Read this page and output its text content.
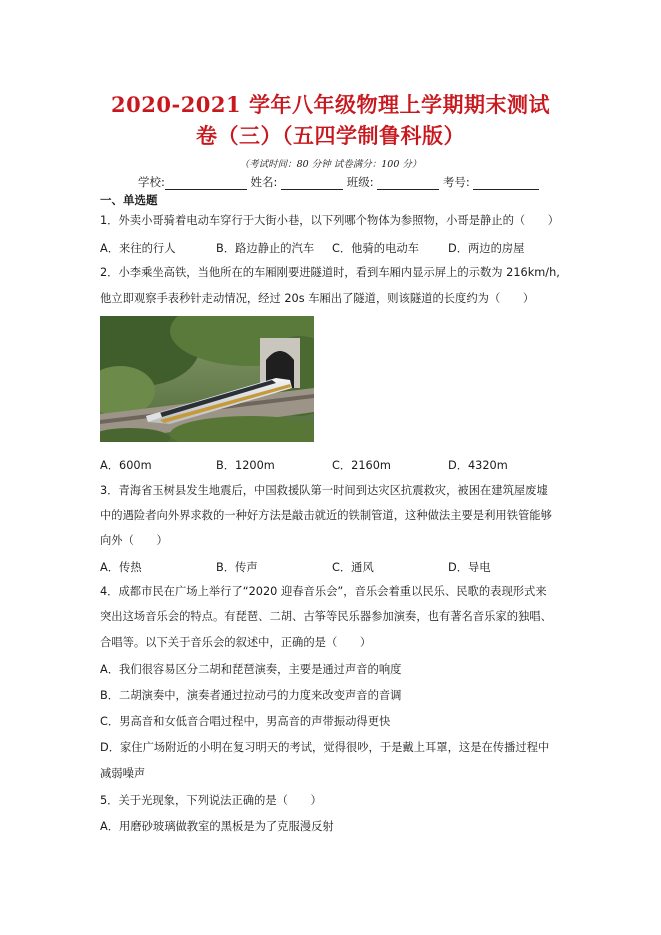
2020-2021 学年八年级物理上学期期末测试
卷（三）（五四学制鲁科版）
（考试时间：80 分钟 试卷满分：100 分）
学校:	姓名:	班级:	考号:
一、单选题
1．外卖小哥骑着电动车穿行于大街小巷，以下列哪个物体为参照物，小哥是静止的（　　）
A．来往的行人	B．路边静止的汽车 C．他骑的电动车	D．两边的房屋
2．小李乘坐高铁，当他所在的车厢刚要进隧道时，看到车厢内显示屏上的示数为 216km/h,
他立即观察手表秒针走动情况，经过 20s 车厢出了隧道，则该隧道的长度约为（　　）
A．600m	B．1200m	C．2160m	D．4320m
3．青海省玉树县发生地震后，中国救援队第一时间到达灾区抗震救灾，被困在建筑屋废墟
中的遇险者向外界求救的一种好方法是敲击就近的铁制管道，这种做法主要是利用铁管能够
向外（　　）
A．传热	B．传声	C．通风	D．导电
4．成都市民在广场上举行了“2020 迎春音乐会”，音乐会着重以民乐、民歌的表现形式来
突出这场音乐会的特点。有琵琶、二胡、古筝等民乐器参加演奏，也有著名音乐家的独唱、
合唱等。以下关于音乐会的叙述中，正确的是（　　）
A．我们很容易区分二胡和琵琶演奏，主要是通过声音的响度
B．二胡演奏中，演奏者通过拉动弓的力度来改变声音的音调
C．男高音和女低音合唱过程中，男高音的声带振动得更快
D．家住广场附近的小明在复习明天的考试，觉得很吵，于是戴上耳罩，这是在传播过程中
减弱噪声
5．关于光现象，下列说法正确的是（　　）
A．用磨砂玻璃做教室的黑板是为了克服漫反射
